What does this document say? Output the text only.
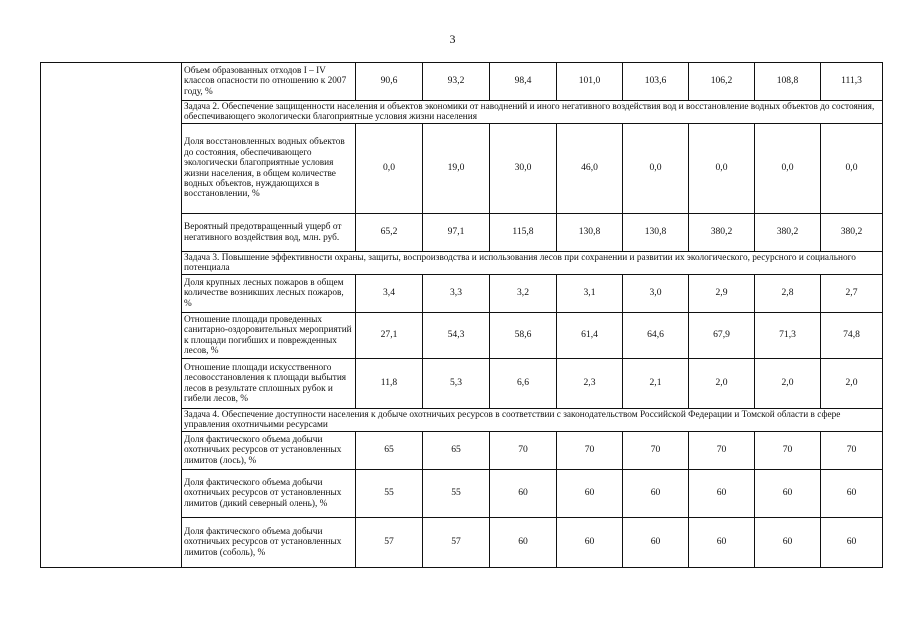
3
	Объем образованных отходов I – IV классов опасности по отношению к 2007 году, %	90,6	93,2	98,4	101,0	103,6	106,2	108,8	111,3
	Задача 2. Обеспечение защищенности населения и объектов экономики от наводнений и иного негативного воздействия вод и восстановление водных объектов до состояния, обеспечивающего экологически благоприятные условия жизни населения								
	Доля восстановленных водных объектов до состояния, обеспечивающего экологически благоприятные условия жизни населения, в общем количестве водных объектов, нуждающихся в восстановлении, %	0,0	19,0	30,0	46,0	0,0	0,0	0,0	0,0
	Вероятный предотвращенный ущерб от негативного воздействия вод, млн. руб.	65,2	97,1	115,8	130,8	130,8	380,2	380,2	380,2
	Задача 3. Повышение эффективности охраны, защиты, воспроизводства и использования лесов при сохранении и развитии их экологического, ресурсного и социального потенциала								
	Доля крупных лесных пожаров в общем количестве возникших лесных пожаров, %	3,4	3,3	3,2	3,1	3,0	2,9	2,8	2,7
	Отношение площади проведенных санитарно-оздоровительных мероприятий к площади погибших и поврежденных лесов, %	27,1	54,3	58,6	61,4	64,6	67,9	71,3	74,8
	Отношение площади искусственного лесовосстановления к площади выбытия лесов в результате сплошных рубок и гибели лесов, %	11,8	5,3	6,6	2,3	2,1	2,0	2,0	2,0
	Задача 4. Обеспечение доступности населения к добыче охотничьих ресурсов в соответствии с законодательством Российской Федерации и Томской области в сфере управления охотничьими ресурсами								
	Доля фактического объема добычи охотничьих ресурсов от установленных лимитов (лось), %	65	65	70	70	70	70	70	70
	Доля фактического объема добычи охотничьих ресурсов от установленных лимитов (дикий северный олень), %	55	55	60	60	60	60	60	60
	Доля фактического объема добычи охотничьих ресурсов от установленных лимитов (соболь), %	57	57	60	60	60	60	60	60
